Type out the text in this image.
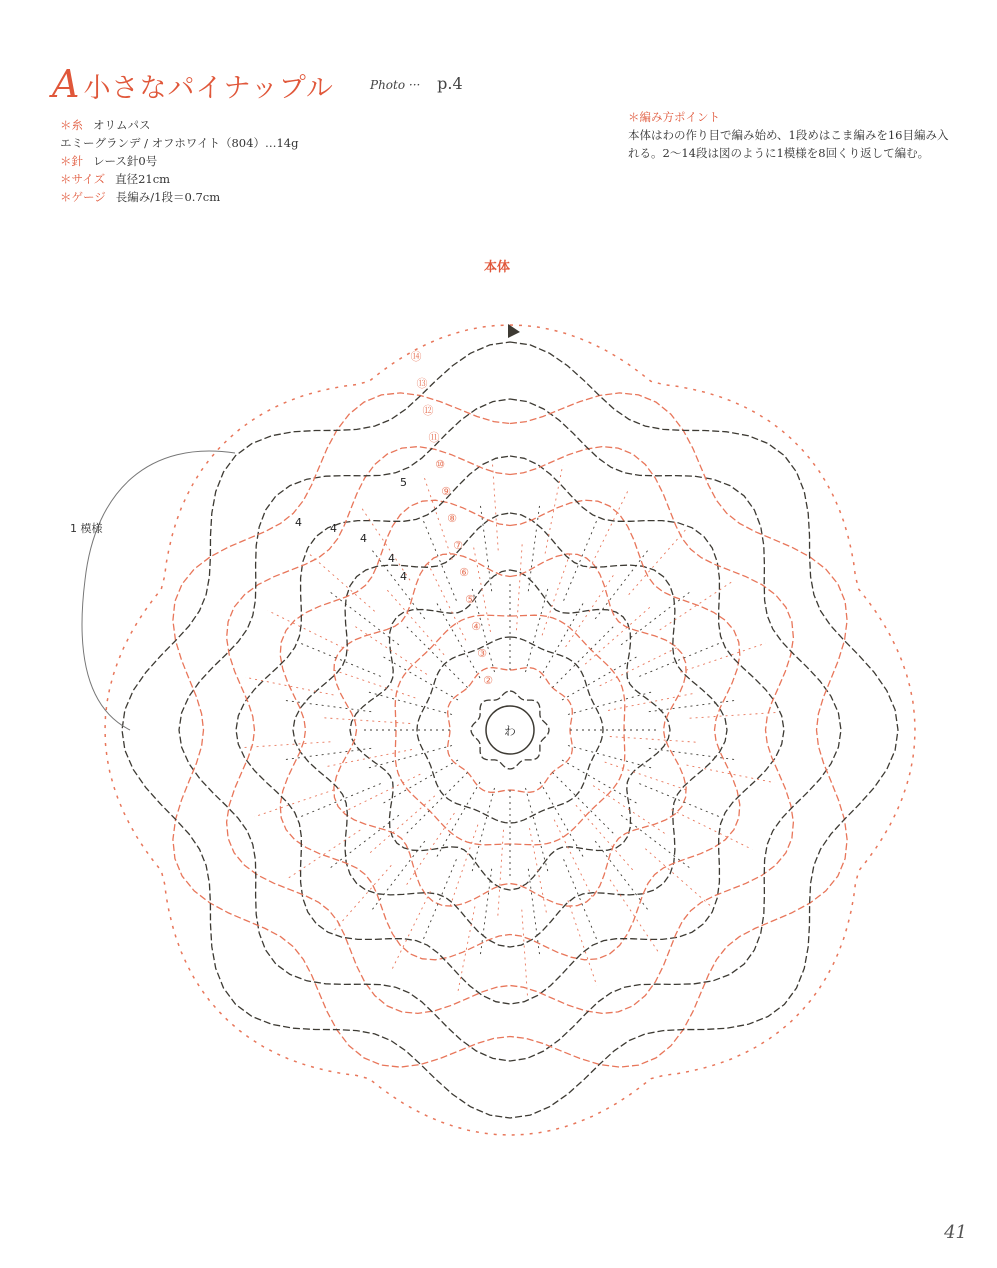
A 小さなパイナップル	Photo ··· p.4
＊糸 オリムパス
エミーグランデ / オフホワイト（804）…14g
＊針 レース針0号
＊サイズ 直径21cm
＊ゲージ 長編み/1段＝0.7cm
＊編み方ポイント
本体はわの作り目で編み始め、1段めはこま編みを16目編み入
れる。2〜14段は図のように1模様を8回くり返して編む。
本体
1 模様
わ
②
③
④
⑤
⑥
⑦
⑧
⑨
⑩
⑪
⑫
⑬
⑭
4	4
4
4
4
5
41
